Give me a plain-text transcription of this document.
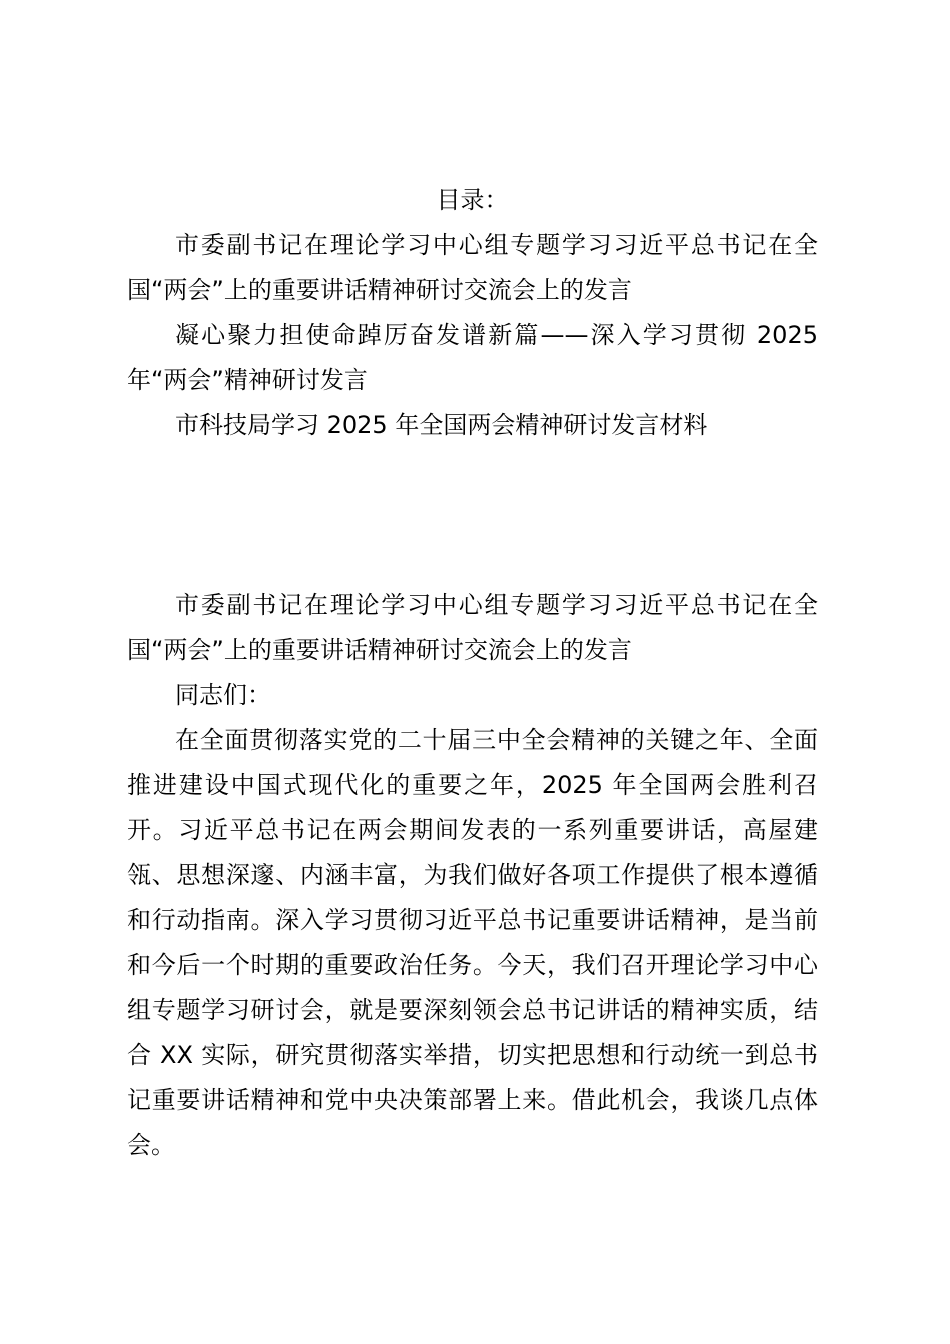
目录：

市委副书记在理论学习中心组专题学习习近平总书记在全国“两会”上的重要讲话精神研讨交流会上的发言
凝心聚力担使命踔厉奋发谱新篇——深入学习贯彻 2025 年“两会”精神研讨发言
市科技局学习 2025 年全国两会精神研讨发言材料

市委副书记在理论学习中心组专题学习习近平总书记在全国“两会”上的重要讲话精神研讨交流会上的发言

同志们：

在全面贯彻落实党的二十届三中全会精神的关键之年、全面推进建设中国式现代化的重要之年，2025 年全国两会胜利召开。习近平总书记在两会期间发表的一系列重要讲话，高屋建瓴、思想深邃、内涵丰富，为我们做好各项工作提供了根本遵循和行动指南。深入学习贯彻习近平总书记重要讲话精神，是当前和今后一个时期的重要政治任务。今天，我们召开理论学习中心组专题学习研讨会，就是要深刻领会总书记讲话的精神实质，结合 XX 实际，研究贯彻落实举措，切实把思想和行动统一到总书记重要讲话精神和党中央决策部署上来。借此机会，我谈几点体会。
